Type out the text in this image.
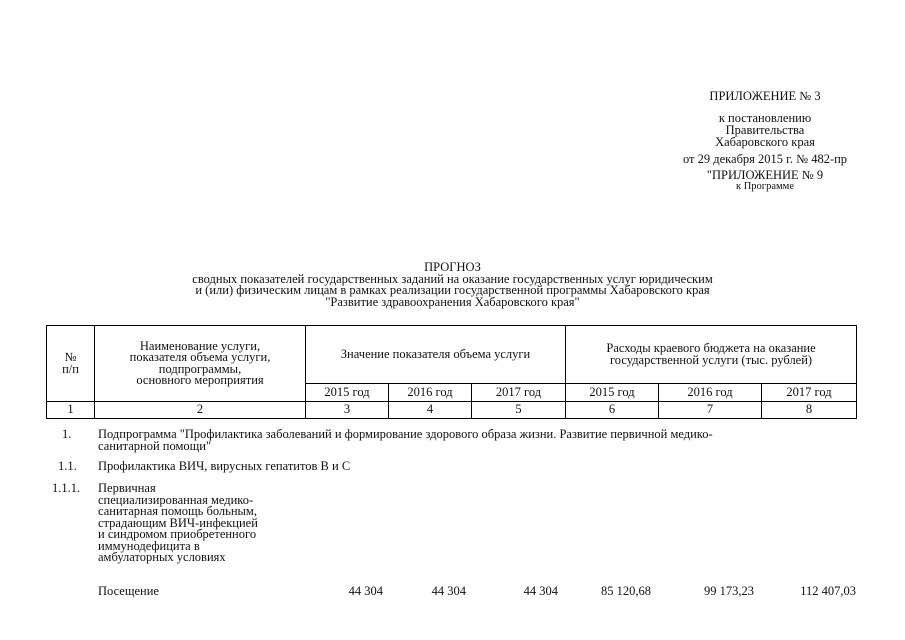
ПРИЛОЖЕНИЕ № 3
к постановлению
Правительства
Хабаровского края
от 29 декабря 2015 г. № 482-пр
"ПРИЛОЖЕНИЕ № 9
к Программе
ПРОГНОЗ
сводных показателей государственных заданий на оказание государственных услуг юридическим
и (или) физическим лицам в рамках реализации государственной программы Хабаровского края
"Развитие здравоохранения Хабаровского края"
№
п/п	Наименование услуги,
показателя объема услуги,
подпрограммы,
основного мероприятия	Значение показателя объема услуги			Расходы краевого бюджета на оказание
государственной услуги (тыс. рублей)		
		2015 год	2016 год	2017 год	2015 год	2016 год	2017 год
1	2	3	4	5	6	7	8
1. Подпрограмма "Профилактика заболеваний и формирование здорового образа жизни. Развитие первичной медико-
санитарной помощи"
1.1. Профилактика ВИЧ, вирусных гепатитов В и С
1.1.1. Первичная
специализированная медико-
санитарная помощь больным,
страдающим ВИЧ-инфекцией
и синдромом приобретенного
иммунодефицита в
амбулаторных условиях
Посещение	44 304	44 304	44 304	85 120,68	99 173,23	112 407,03
